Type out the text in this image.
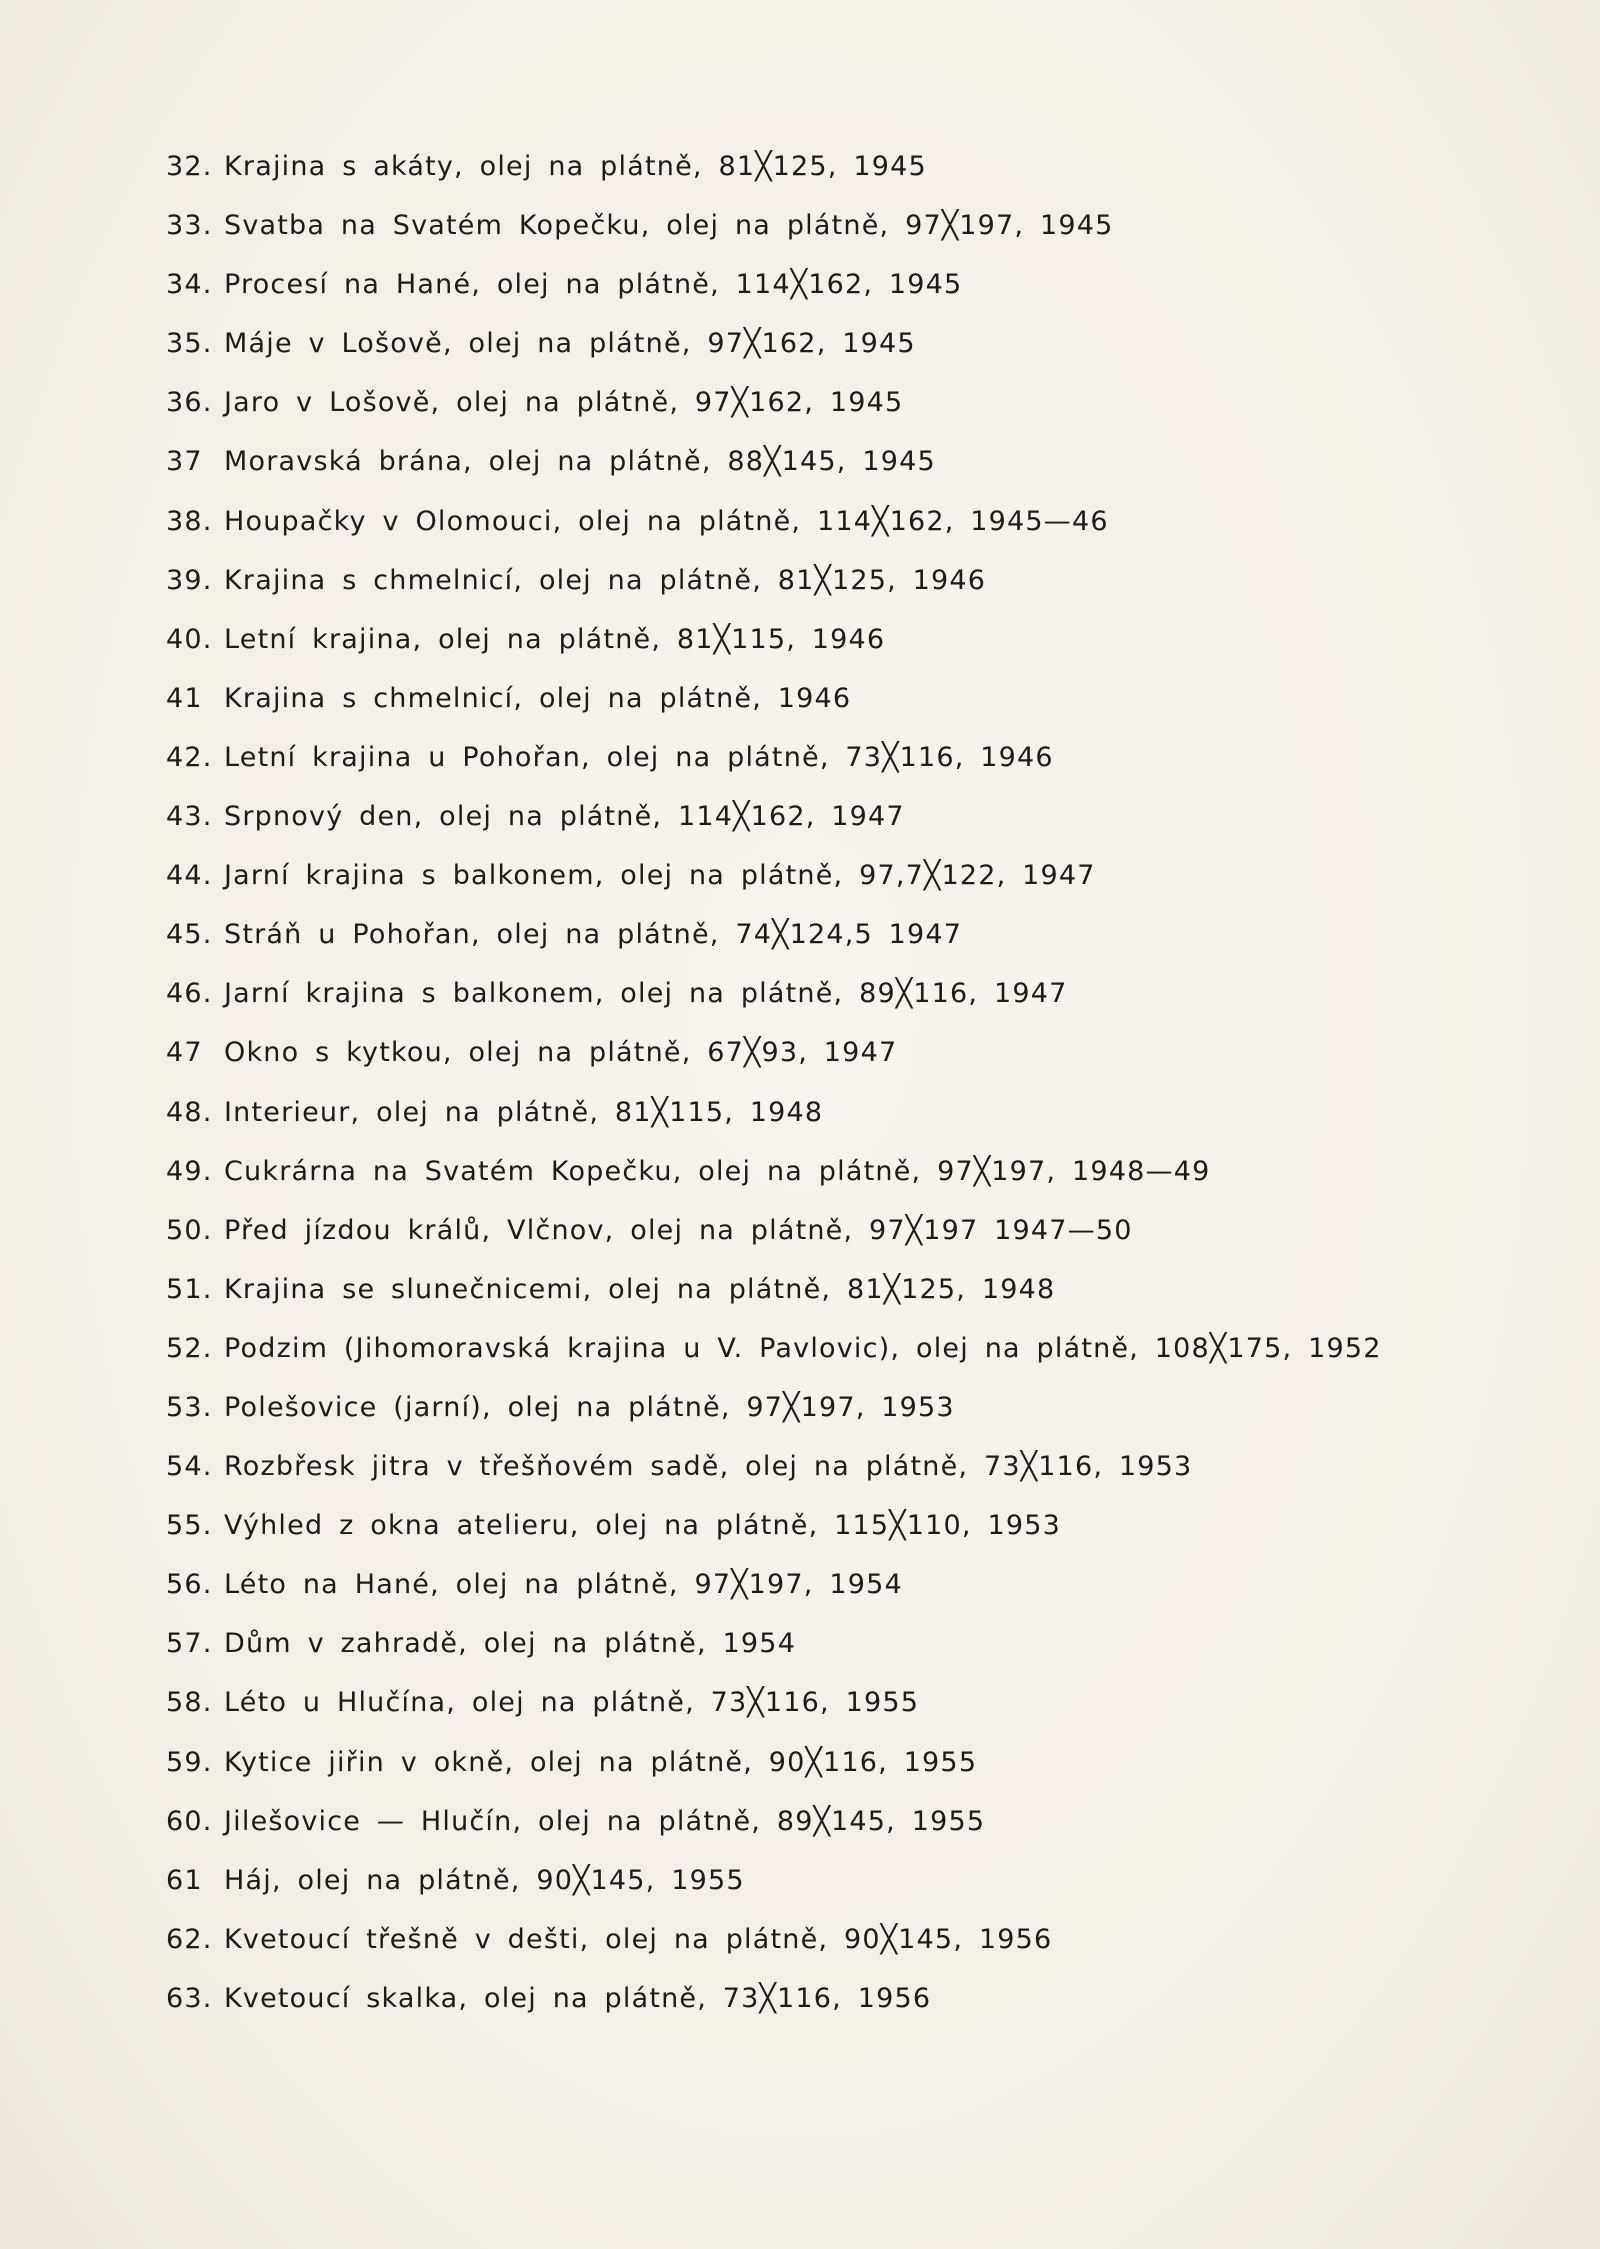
32. Krajina s akáty, olej na plátně, 81╳125, 1945
33. Svatba na Svatém Kopečku, olej na plátně, 97╳197, 1945
34. Procesí na Hané, olej na plátně, 114╳162, 1945
35. Máje v Lošově, olej na plátně, 97╳162, 1945
36. Jaro v Lošově, olej na plátně, 97╳162, 1945
37 Moravská brána, olej na plátně, 88╳145, 1945
38. Houpačky v Olomouci, olej na plátně, 114╳162, 1945—46
39. Krajina s chmelnicí, olej na plátně, 81╳125, 1946
40. Letní krajina, olej na plátně, 81╳115, 1946
41 Krajina s chmelnicí, olej na plátně, 1946
42. Letní krajina u Pohořan, olej na plátně, 73╳116, 1946
43. Srpnový den, olej na plátně, 114╳162, 1947
44. Jarní krajina s balkonem, olej na plátně, 97,7╳122, 1947
45. Stráň u Pohořan, olej na plátně, 74╳124,5 1947
46. Jarní krajina s balkonem, olej na plátně, 89╳116, 1947
47 Okno s kytkou, olej na plátně, 67╳93, 1947
48. Interieur, olej na plátně, 81╳115, 1948
49. Cukrárna na Svatém Kopečku, olej na plátně, 97╳197, 1948—49
50. Před jízdou králů, Vlčnov, olej na plátně, 97╳197 1947—50
51. Krajina se slunečnicemi, olej na plátně, 81╳125, 1948
52. Podzim (Jihomoravská krajina u V. Pavlovic), olej na plátně, 108╳175, 1952
53. Polešovice (jarní), olej na plátně, 97╳197, 1953
54. Rozbřesk jitra v třešňovém sadě, olej na plátně, 73╳116, 1953
55. Výhled z okna atelieru, olej na plátně, 115╳110, 1953
56. Léto na Hané, olej na plátně, 97╳197, 1954
57. Dům v zahradě, olej na plátně, 1954
58. Léto u Hlučína, olej na plátně, 73╳116, 1955
59. Kytice jiřin v okně, olej na plátně, 90╳116, 1955
60. Jilešovice — Hlučín, olej na plátně, 89╳145, 1955
61 Háj, olej na plátně, 90╳145, 1955
62. Kvetoucí třešně v dešti, olej na plátně, 90╳145, 1956
63. Kvetoucí skalka, olej na plátně, 73╳116, 1956
